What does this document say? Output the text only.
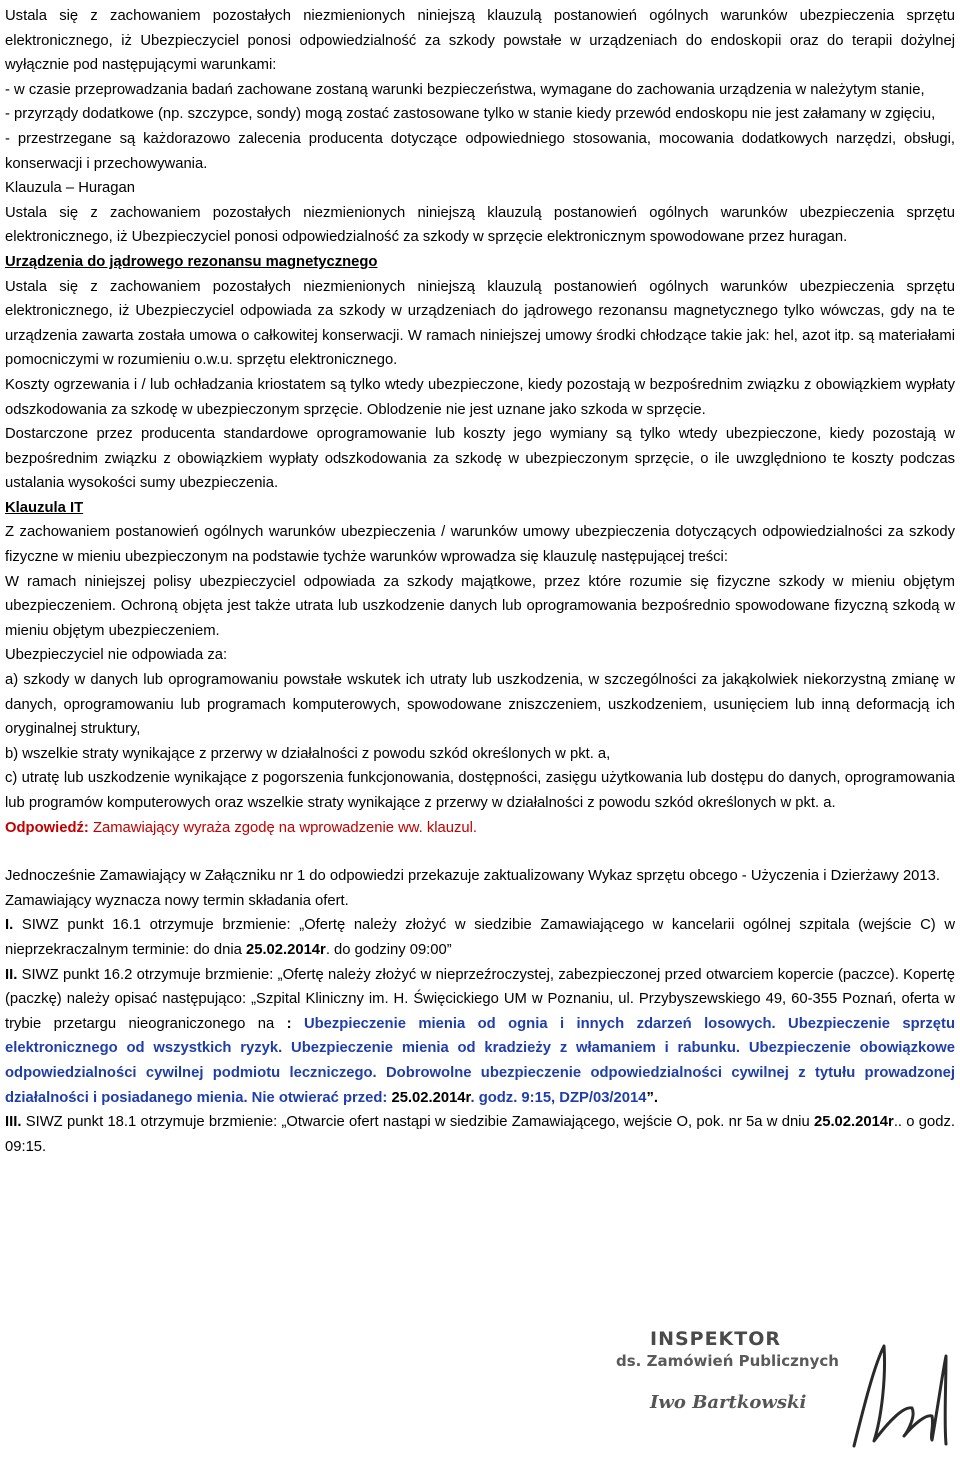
Ustala się z zachowaniem pozostałych niezmienionych niniejszą klauzulą postanowień ogólnych warunków ubezpieczenia sprzętu elektronicznego, iż Ubezpieczyciel ponosi odpowiedzialność za szkody powstałe w urządzeniach do endoskopii oraz do terapii dożylnej wyłącznie pod następującymi warunkami:

- w czasie przeprowadzania badań zachowane zostaną warunki bezpieczeństwa, wymagane do zachowania urządzenia w należytym stanie,

- przyrządy dodatkowe (np. szczypce, sondy) mogą zostać zastosowane tylko w stanie kiedy przewód endoskopu nie jest załamany w zgięciu,

- przestrzegane są każdorazowo zalecenia producenta dotyczące odpowiedniego stosowania, mocowania dodatkowych narzędzi, obsługi, konserwacji i przechowywania.

Klauzula – Huragan

Ustala się z zachowaniem pozostałych niezmienionych niniejszą klauzulą postanowień ogólnych warunków ubezpieczenia sprzętu elektronicznego, iż Ubezpieczyciel ponosi odpowiedzialność za szkody w sprzęcie elektronicznym spowodowane przez huragan.

Urządzenia do jądrowego rezonansu magnetycznego

Ustala się z zachowaniem pozostałych niezmienionych niniejszą klauzulą postanowień ogólnych warunków ubezpieczenia sprzętu elektronicznego, iż Ubezpieczyciel odpowiada za szkody w urządzeniach do jądrowego rezonansu magnetycznego tylko wówczas, gdy na te urządzenia zawarta została umowa o całkowitej konserwacji. W ramach niniejszej umowy środki chłodzące takie jak: hel, azot itp. są materiałami pomocniczymi w rozumieniu o.w.u. sprzętu elektronicznego.

Koszty ogrzewania i / lub ochładzania kriostatem są tylko wtedy ubezpieczone, kiedy pozostają w bezpośrednim związku z obowiązkiem wypłaty odszkodowania za szkodę w ubezpieczonym sprzęcie. Oblodzenie nie jest uznane jako szkoda w sprzęcie.

Dostarczone przez producenta standardowe oprogramowanie lub koszty jego wymiany są tylko wtedy ubezpieczone, kiedy pozostają w bezpośrednim związku z obowiązkiem wypłaty odszkodowania za szkodę w ubezpieczonym sprzęcie, o ile uwzględniono te koszty podczas ustalania wysokości sumy ubezpieczenia.

Klauzula IT

Z zachowaniem postanowień ogólnych warunków ubezpieczenia / warunków umowy ubezpieczenia dotyczących odpowiedzialności za szkody fizyczne w mieniu ubezpieczonym na podstawie tychże warunków wprowadza się klauzulę następującej treści:

W ramach niniejszej polisy ubezpieczyciel odpowiada za szkody majątkowe, przez które rozumie się fizyczne szkody w mieniu objętym ubezpieczeniem. Ochroną objęta jest także utrata lub uszkodzenie danych lub oprogramowania bezpośrednio spowodowane fizyczną szkodą w mieniu objętym ubezpieczeniem.

Ubezpieczyciel nie odpowiada za:

a) szkody w danych lub oprogramowaniu powstałe wskutek ich utraty lub uszkodzenia, w szczególności za jakąkolwiek niekorzystną zmianę w danych, oprogramowaniu lub programach komputerowych, spowodowane zniszczeniem, uszkodzeniem, usunięciem lub inną deformacją ich oryginalnej struktury,

b) wszelkie straty wynikające z przerwy w działalności z powodu szkód określonych w pkt. a,

c) utratę lub uszkodzenie wynikające z pogorszenia funkcjonowania, dostępności, zasięgu użytkowania lub dostępu do danych, oprogramowania lub programów komputerowych oraz wszelkie straty wynikające z przerwy w działalności z powodu szkód określonych w pkt. a.

Odpowiedź: Zamawiający wyraża zgodę na wprowadzenie ww. klauzul.

Jednocześnie Zamawiający w Załączniku nr 1 do odpowiedzi przekazuje zaktualizowany Wykaz sprzętu obcego - Użyczenia i Dzierżawy 2013.

Zamawiający wyznacza nowy termin składania ofert.

I. SIWZ punkt 16.1 otrzymuje brzmienie: „Ofertę należy złożyć w siedzibie Zamawiającego w kancelarii ogólnej szpitala (wejście C) w nieprzekraczalnym terminie: do dnia 25.02.2014r. do godziny 09:00”

II. SIWZ punkt 16.2 otrzymuje brzmienie: „Ofertę należy złożyć w nieprzeźroczystej, zabezpieczonej przed otwarciem kopercie (paczce). Kopertę (paczkę) należy opisać następująco: „Szpital Kliniczny im. H. Święcickiego UM w Poznaniu, ul. Przybyszewskiego 49, 60-355 Poznań, oferta w trybie przetargu nieograniczonego na : Ubezpieczenie mienia od ognia i innych zdarzeń losowych. Ubezpieczenie sprzętu elektronicznego od wszystkich ryzyk. Ubezpieczenie mienia od kradzieży z włamaniem i rabunku. Ubezpieczenie obowiązkowe odpowiedzialności cywilnej podmiotu leczniczego. Dobrowolne ubezpieczenie odpowiedzialności cywilnej z tytułu prowadzonej działalności i posiadanego mienia. Nie otwierać przed: 25.02.2014r. godz. 9:15, DZP/03/2014”.

III. SIWZ punkt 18.1 otrzymuje brzmienie: „Otwarcie ofert nastąpi w siedzibie Zamawiającego, wejście O, pok. nr 5a w dniu 25.02.2014r.. o godz. 09:15.

INSPEKTOR
ds. Zamówień Publicznych
Iwo Bartkowski
